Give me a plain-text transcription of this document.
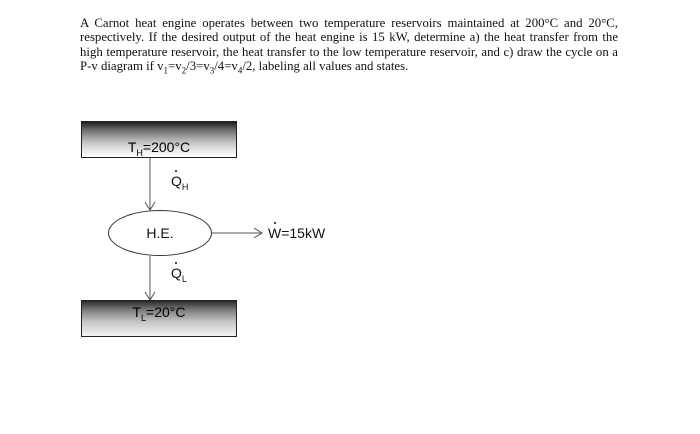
A Carnot heat engine operates between two temperature reservoirs maintained at 200°C and 20°C, respectively. If the desired output of the heat engine is 15 kW, determine a) the heat transfer from the high temperature reservoir, the heat transfer to the low temperature reservoir, and c) draw the cycle on a P-v diagram if $v_1=v_2/3=v_3/4=v_4/2$, labeling all values and states.

$T_H=200^\circ C$
$Q_H$
H.E.	W=15kW
$Q_L$
$T_L=20^\circ C$
